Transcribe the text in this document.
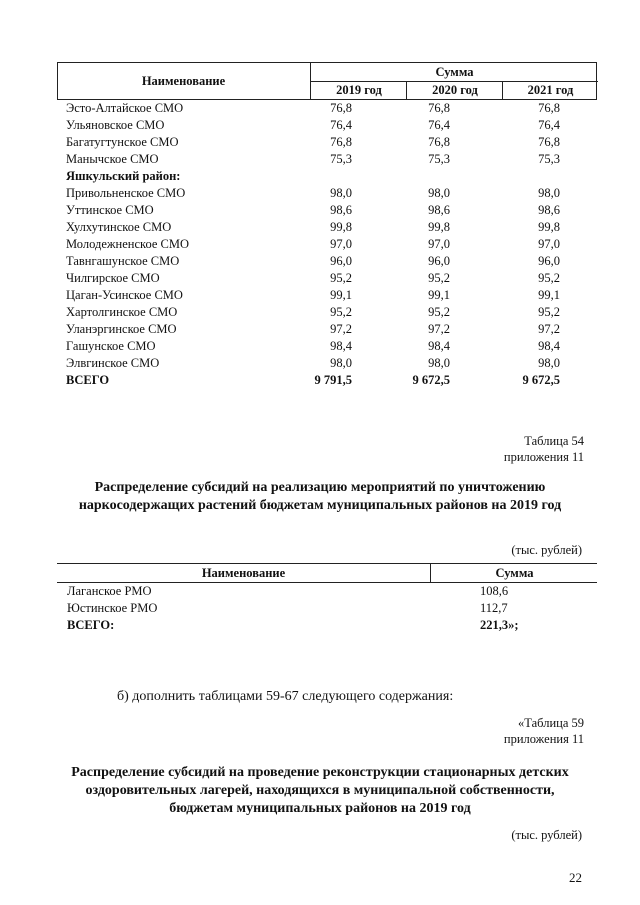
Наименование
Сумма
2019 год	2020 год	2021 год
Эсто-Алтайское СМО	76,8	76,8	76,8
Ульяновское СМО	76,4	76,4	76,4
Багатугтунское СМО	76,8	76,8	76,8
Манычское СМО	75,3	75,3	75,3
Яшкульский район:
Привольненское СМО	98,0	98,0	98,0
Уттинское СМО	98,6	98,6	98,6
Хулхутинское СМО	99,8	99,8	99,8
Молодежненское СМО	97,0	97,0	97,0
Тавнгашунское СМО	96,0	96,0	96,0
Чилгирское СМО	95,2	95,2	95,2
Цаган-Усинское СМО	99,1	99,1	99,1
Хартолгинское СМО	95,2	95,2	95,2
Уланэргинское СМО	97,2	97,2	97,2
Гашунское СМО	98,4	98,4	98,4
Элвгинское СМО	98,0	98,0	98,0
ВСЕГО	9 791,5	9 672,5	9 672,5
Таблица 54
приложения 11
Распределение субсидий на реализацию мероприятий по уничтожению наркосодержащих растений бюджетам муниципальных районов на 2019 год
(тыс. рублей)
Наименование	Сумма
Лаганское РМО	108,6
Юстинское РМО	112,7
ВСЕГО:	221,3»;
б) дополнить таблицами 59-67 следующего содержания:
«Таблица 59
приложения 11
Распределение субсидий на проведение реконструкции стационарных детских оздоровительных лагерей, находящихся в муниципальной собственности, бюджетам муниципальных районов на 2019 год
(тыс. рублей)
22
